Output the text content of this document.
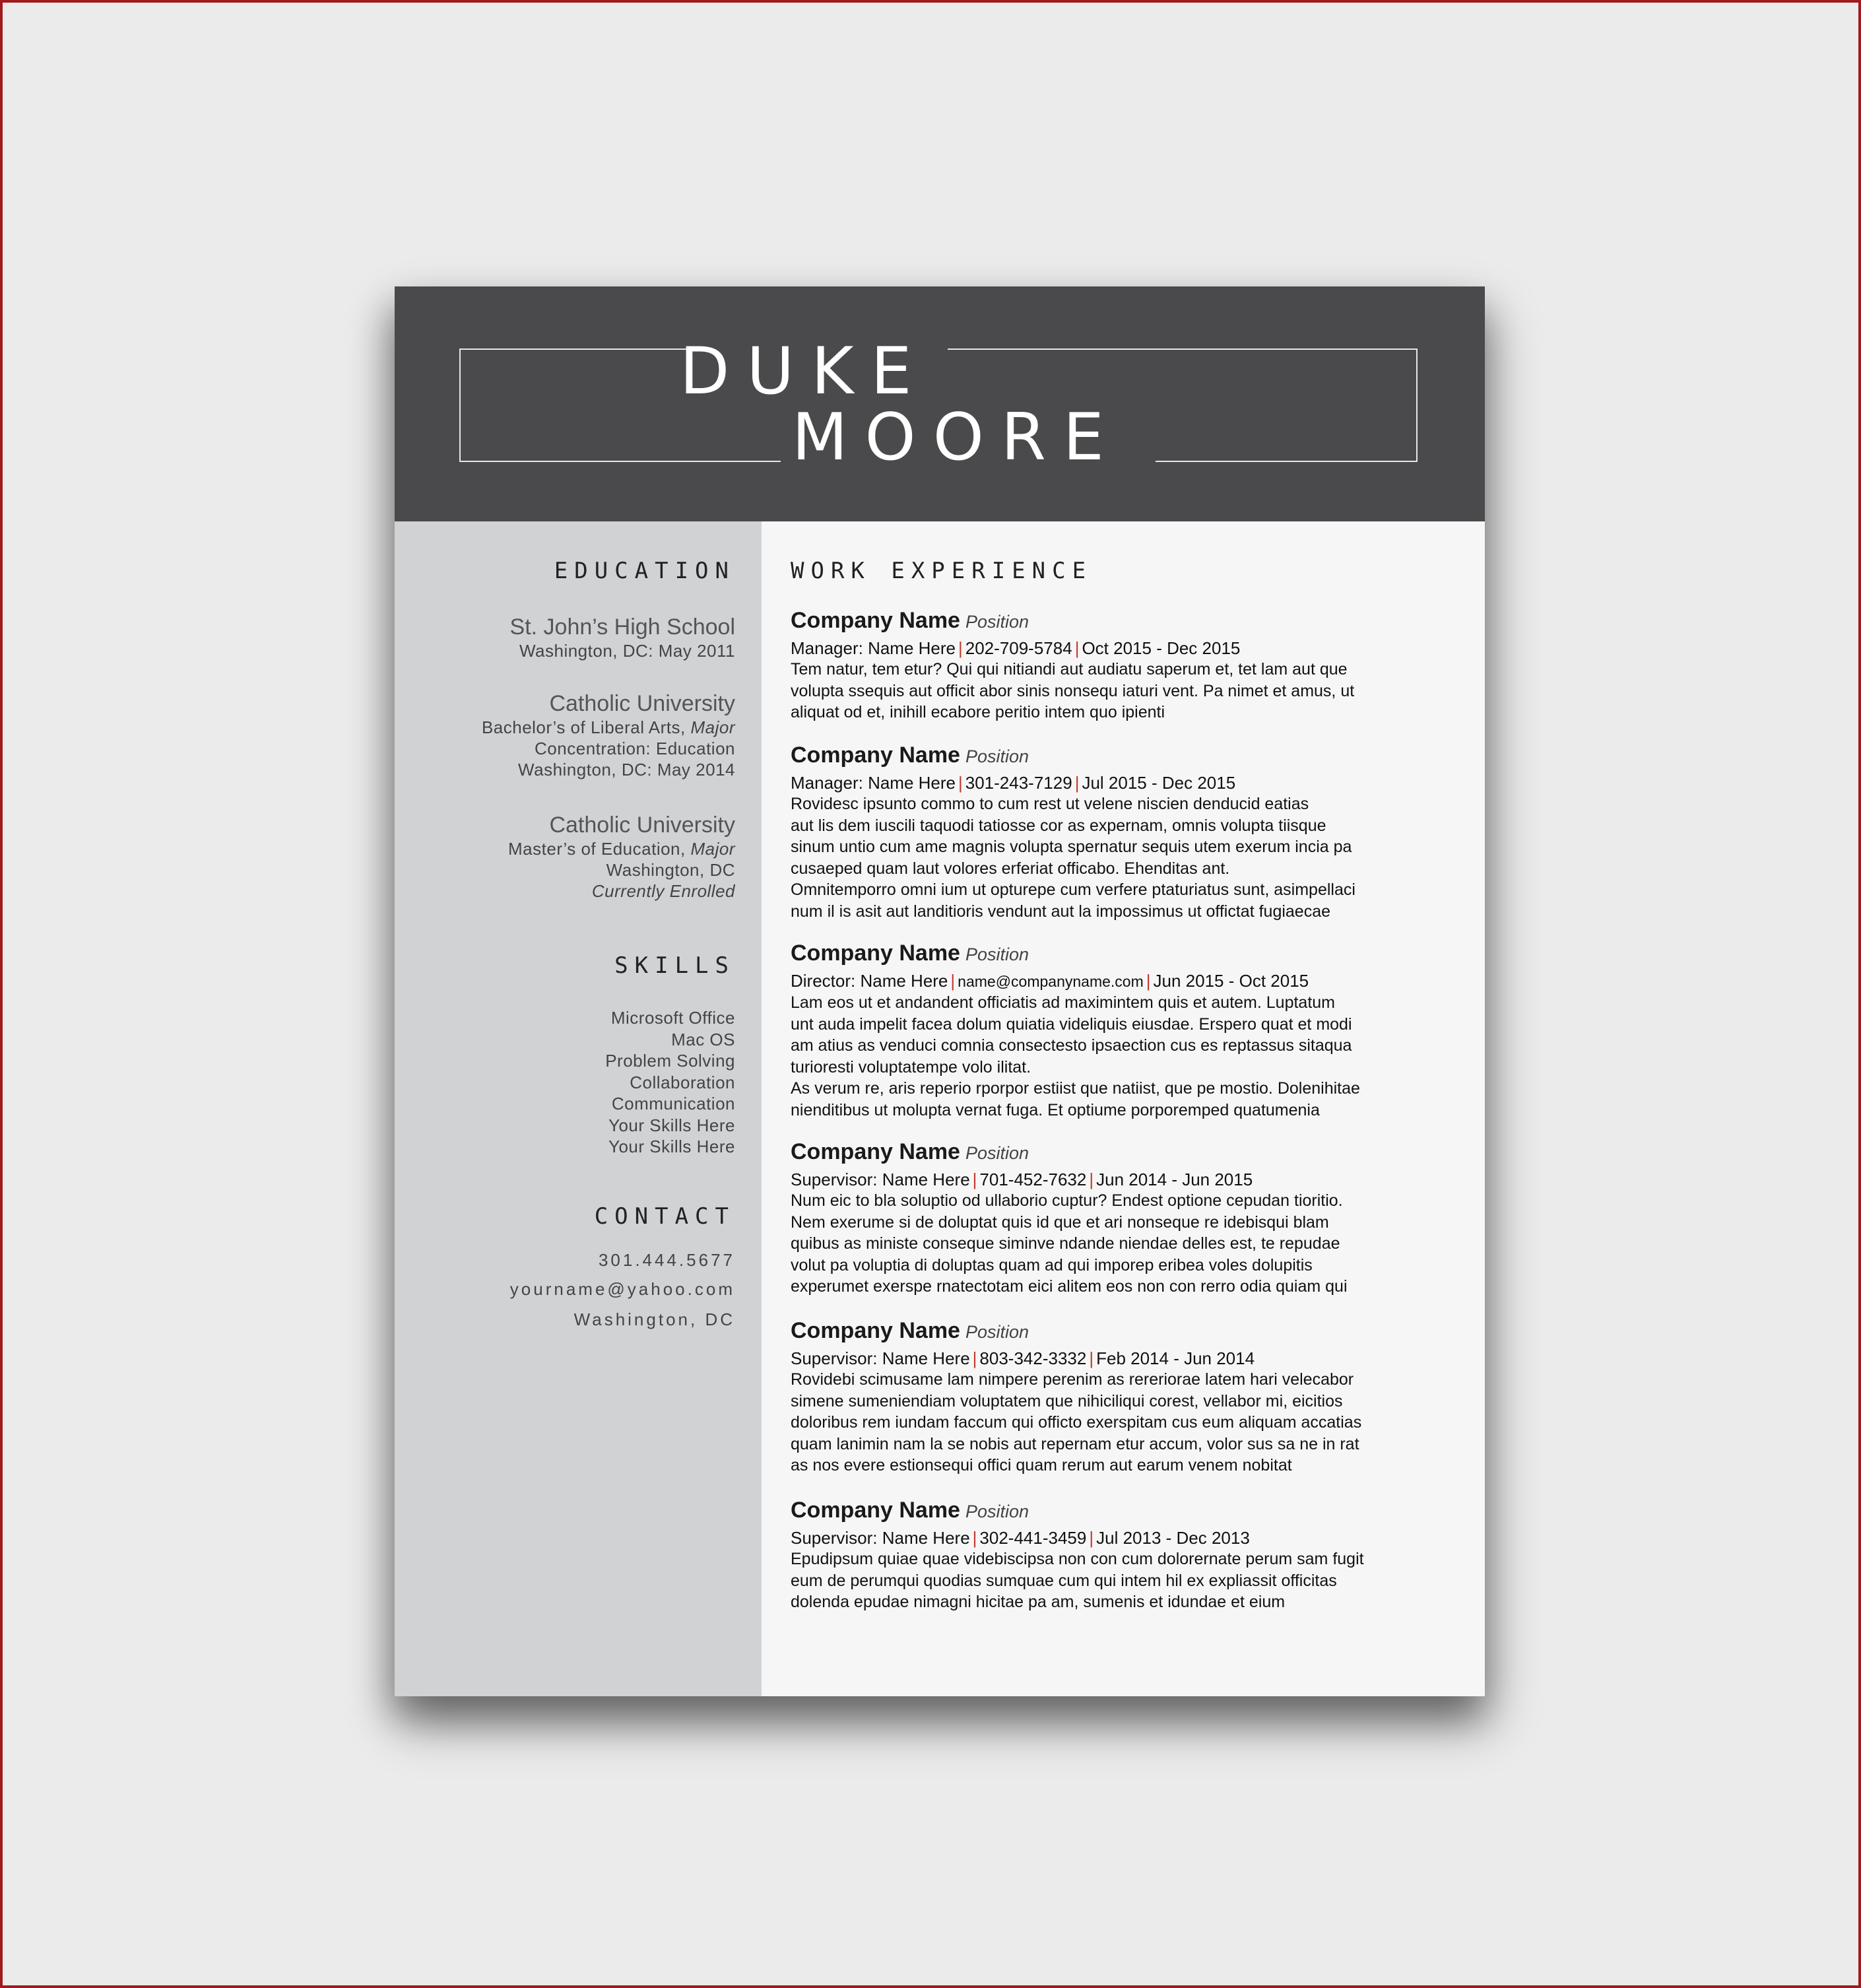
DUKE
MOORE
EDUCATION
St. John’s High School
Washington, DC: May 2011
Catholic University
Bachelor’s of Liberal Arts, Major
Concentration: Education
Washington, DC: May 2014
Catholic University
Master’s of Education, Major
Washington, DC
Currently Enrolled
SKILLS
Microsoft Office
Mac OS
Problem Solving
Collaboration
Communication
Your Skills Here
Your Skills Here
CONTACT
301.444.5677
yourname@yahoo.com
Washington, DC
WORK EXPERIENCE
Company Name Position
Manager: Name Here | 202-709-5784 | Oct 2015 - Dec 2015
Tem natur, tem etur? Qui qui nitiandi aut audiatu saperum et, tet lam aut que
volupta ssequis aut officit abor sinis nonsequ iaturi vent. Pa nimet et amus, ut
aliquat od et, inihill ecabore peritio intem quo ipienti
Company Name Position
Manager: Name Here | 301-243-7129 | Jul 2015 - Dec 2015
Rovidesc ipsunto commo to cum rest ut velene niscien denducid eatias
aut lis dem iuscili taquodi tatiosse cor as expernam, omnis volupta tiisque
sinum untio cum ame magnis volupta spernatur sequis utem exerum incia pa
cusaeped quam laut volores erferiat officabo. Ehenditas ant.
Omnitemporro omni ium ut opturepe cum verfere ptaturiatus sunt, asimpellaci
num il is asit aut landitioris vendunt aut la impossimus ut offictat fugiaecae
Company Name Position
Director: Name Here | name@companyname.com | Jun 2015 - Oct 2015
Lam eos ut et andandent officiatis ad maximintem quis et autem. Luptatum
unt auda impelit facea dolum quiatia videliquis eiusdae. Erspero quat et modi
am atius as venduci comnia consectesto ipsaection cus es reptassus sitaqua
turioresti voluptatempe volo ilitat.
As verum re, aris reperio rporpor estiist que natiist, que pe mostio. Dolenihitae
nienditibus ut molupta vernat fuga. Et optiume porporemped quatumenia
Company Name Position
Supervisor: Name Here | 701-452-7632 | Jun 2014 - Jun 2015
Num eic to bla soluptio od ullaborio cuptur? Endest optione cepudan tioritio.
Nem exerume si de doluptat quis id que et ari nonseque re idebisqui blam
quibus as ministe conseque siminve ndande niendae delles est, te repudae
volut pa voluptia di doluptas quam ad qui imporep eribea voles dolupitis
experumet exerspe rnatectotam eici alitem eos non con rerro odia quiam qui
Company Name Position
Supervisor: Name Here | 803-342-3332 | Feb 2014 - Jun 2014
Rovidebi scimusame lam nimpere perenim as rereriorae latem hari velecabor
simene sumeniendiam voluptatem que nihiciliqui corest, vellabor mi, eicitios
doloribus rem iundam faccum qui officto exerspitam cus eum aliquam accatias
quam lanimin nam la se nobis aut repernam etur accum, volor sus sa ne in rat
as nos evere estionsequi offici quam rerum aut earum venem nobitat
Company Name Position
Supervisor: Name Here | 302-441-3459 | Jul 2013 - Dec 2013
Epudipsum quiae quae videbiscipsa non con cum dolorernate perum sam fugit
eum de perumqui quodias sumquae cum qui intem hil ex expliassit officitas
dolenda epudae nimagni hicitae pa am, sumenis et idundae et eium
